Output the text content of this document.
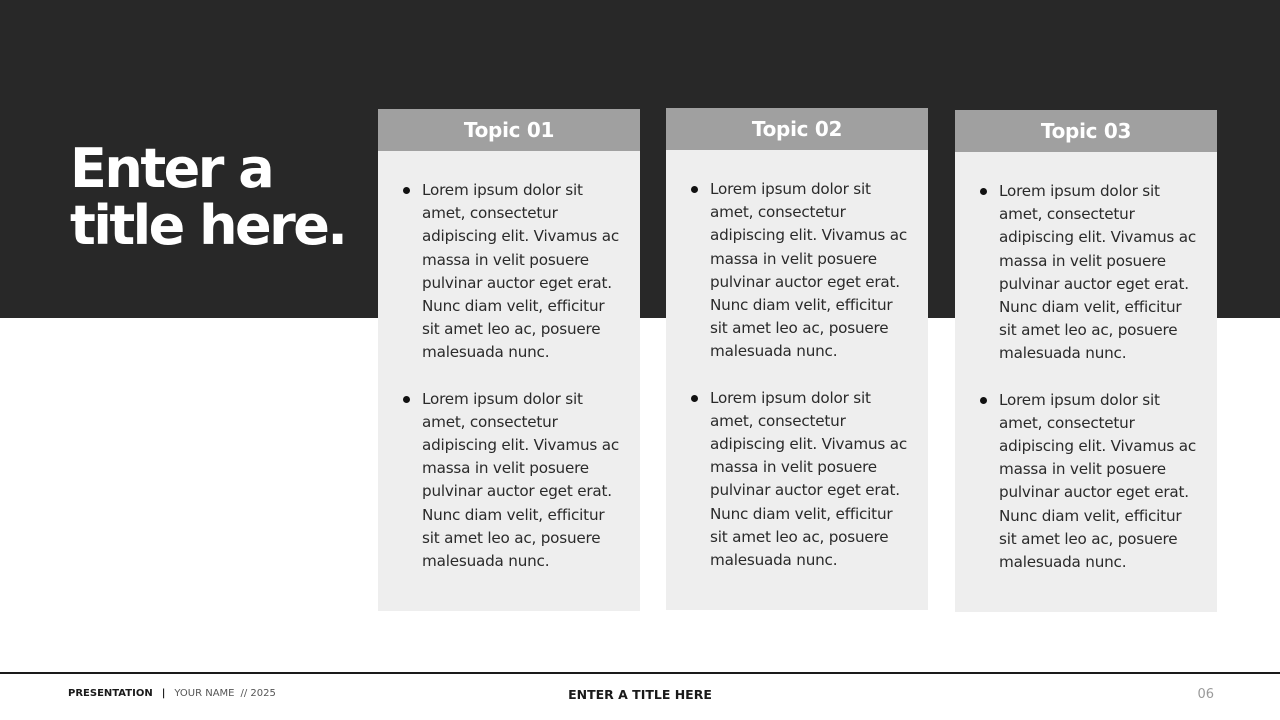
Enter a title here.
Topic 01
Lorem ipsum dolor sit amet, consectetur adipiscing elit. Vivamus ac massa in velit posuere pulvinar auctor eget erat. Nunc diam velit, efficitur sit amet leo ac, posuere malesuada nunc.
Lorem ipsum dolor sit amet, consectetur adipiscing elit. Vivamus ac massa in velit posuere pulvinar auctor eget erat. Nunc diam velit, efficitur sit amet leo ac, posuere malesuada nunc.
Topic 02
Lorem ipsum dolor sit amet, consectetur adipiscing elit. Vivamus ac massa in velit posuere pulvinar auctor eget erat. Nunc diam velit, efficitur sit amet leo ac, posuere malesuada nunc.
Lorem ipsum dolor sit amet, consectetur adipiscing elit. Vivamus ac massa in velit posuere pulvinar auctor eget erat. Nunc diam velit, efficitur sit amet leo ac, posuere malesuada nunc.
Topic 03
Lorem ipsum dolor sit amet, consectetur adipiscing elit. Vivamus ac massa in velit posuere pulvinar auctor eget erat. Nunc diam velit, efficitur sit amet leo ac, posuere malesuada nunc.
Lorem ipsum dolor sit amet, consectetur adipiscing elit. Vivamus ac massa in velit posuere pulvinar auctor eget erat. Nunc diam velit, efficitur sit amet leo ac, posuere malesuada nunc.
PRESENTATION | YOUR NAME // 2025	ENTER A TITLE HERE	06
